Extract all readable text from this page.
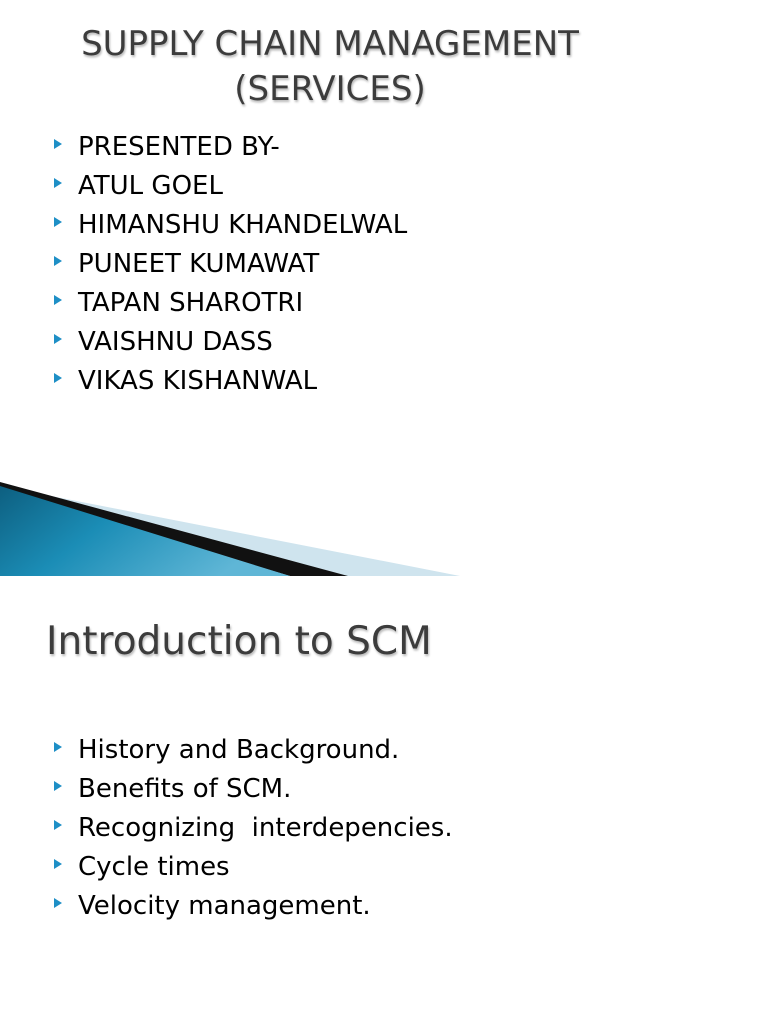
SUPPLY CHAIN MANAGEMENT
(SERVICES)
PRESENTED BY-
ATUL GOEL
HIMANSHU KHANDELWAL
PUNEET KUMAWAT
TAPAN SHAROTRI
VAISHNU DASS
VIKAS KISHANWAL
Introduction to SCM
History and Background.
Benefits of SCM.
Recognizing  interdepencies.
Cycle times
Velocity management.
